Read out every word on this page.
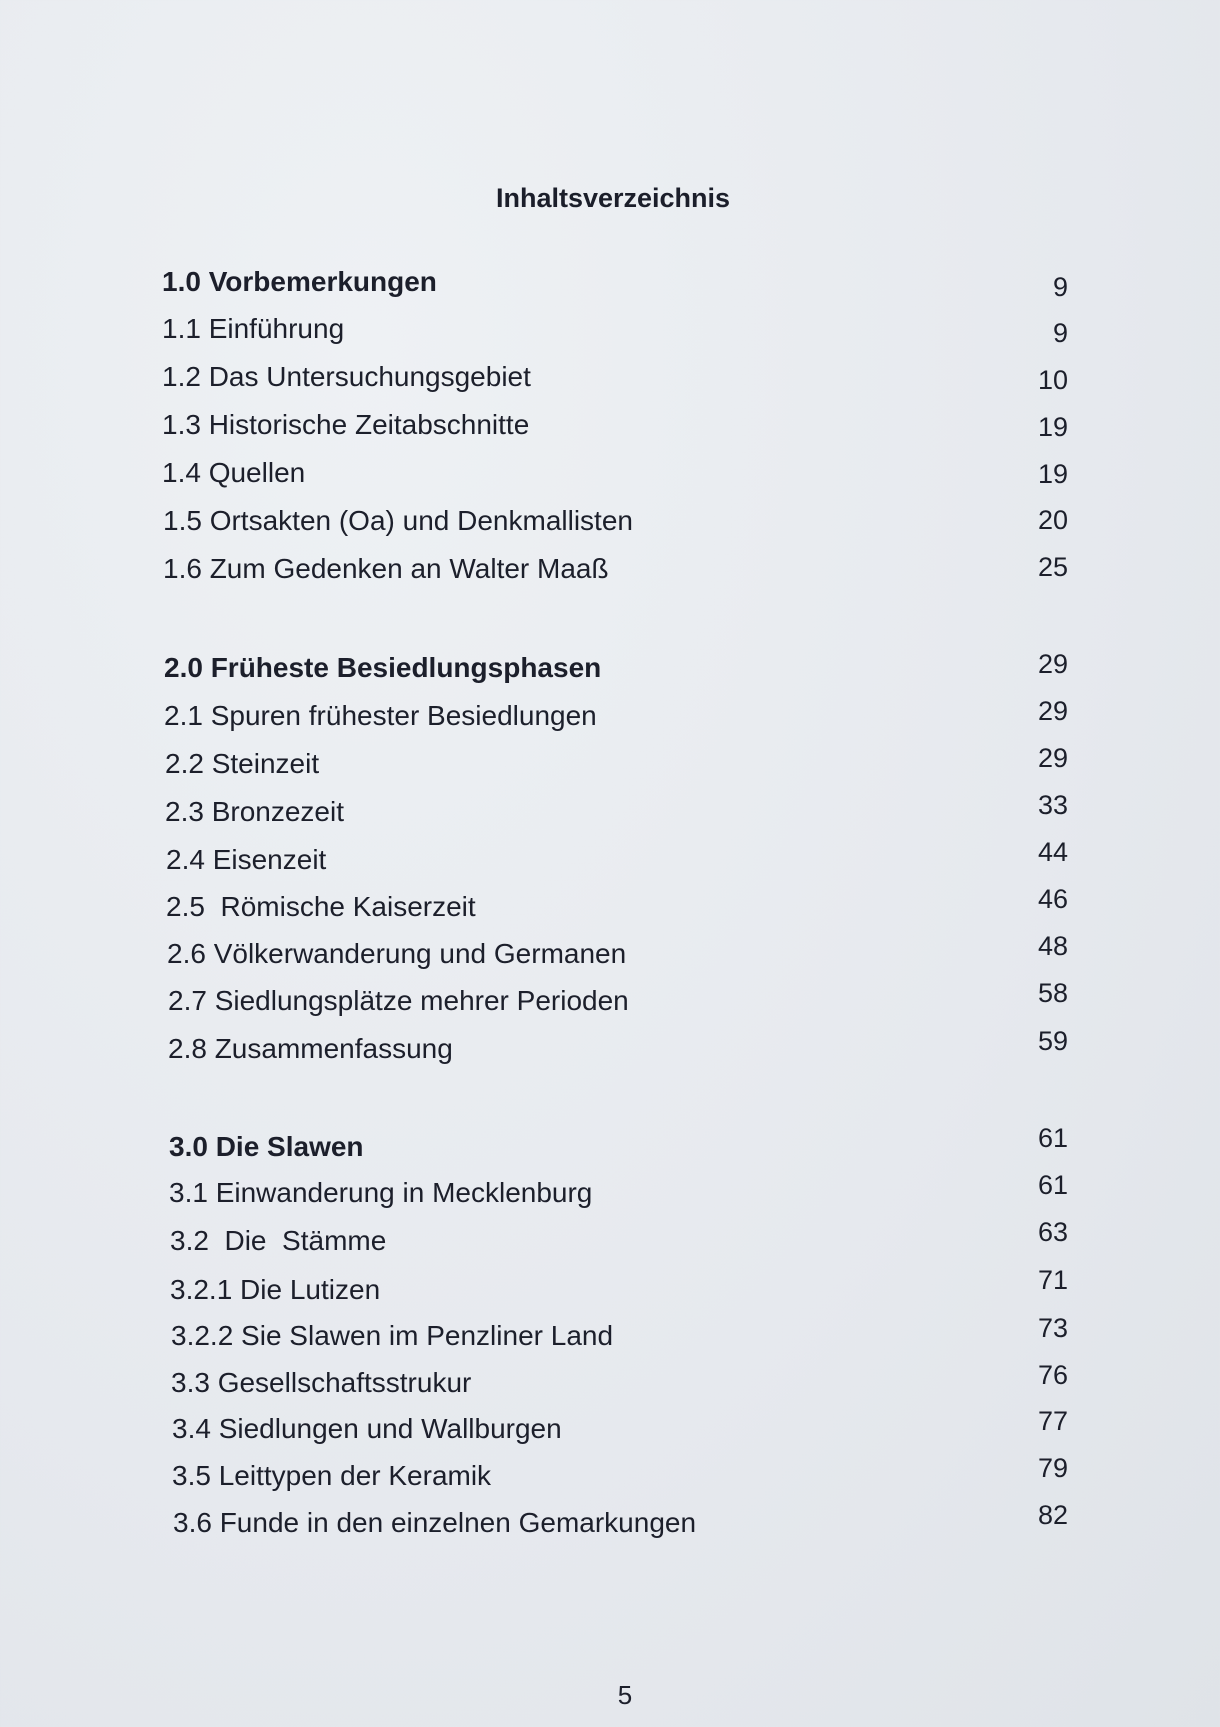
Inhaltsverzeichnis
1.0 Vorbemerkungen	9
1.1 Einführung	9
1.2 Das Untersuchungsgebiet	10
1.3 Historische Zeitabschnitte	19
1.4 Quellen	19
1.5 Ortsakten (Oa) und Denkmallisten	20
1.6 Zum Gedenken an Walter Maaß	25
2.0 Früheste Besiedlungsphasen	29
2.1 Spuren frühester Besiedlungen	29
2.2 Steinzeit	29
2.3 Bronzezeit	33
2.4 Eisenzeit	44
2.5  Römische Kaiserzeit	46
2.6 Völkerwanderung und Germanen	48
2.7 Siedlungsplätze mehrer Perioden	58
2.8 Zusammenfassung	59
3.0 Die Slawen	61
3.1 Einwanderung in Mecklenburg	61
3.2  Die  Stämme	63
3.2.1 Die Lutizen	71
3.2.2 Sie Slawen im Penzliner Land	73
3.3 Gesellschaftsstrukur	76
3.4 Siedlungen und Wallburgen	77
3.5 Leittypen der Keramik	79
3.6 Funde in den einzelnen Gemarkungen	82
5
